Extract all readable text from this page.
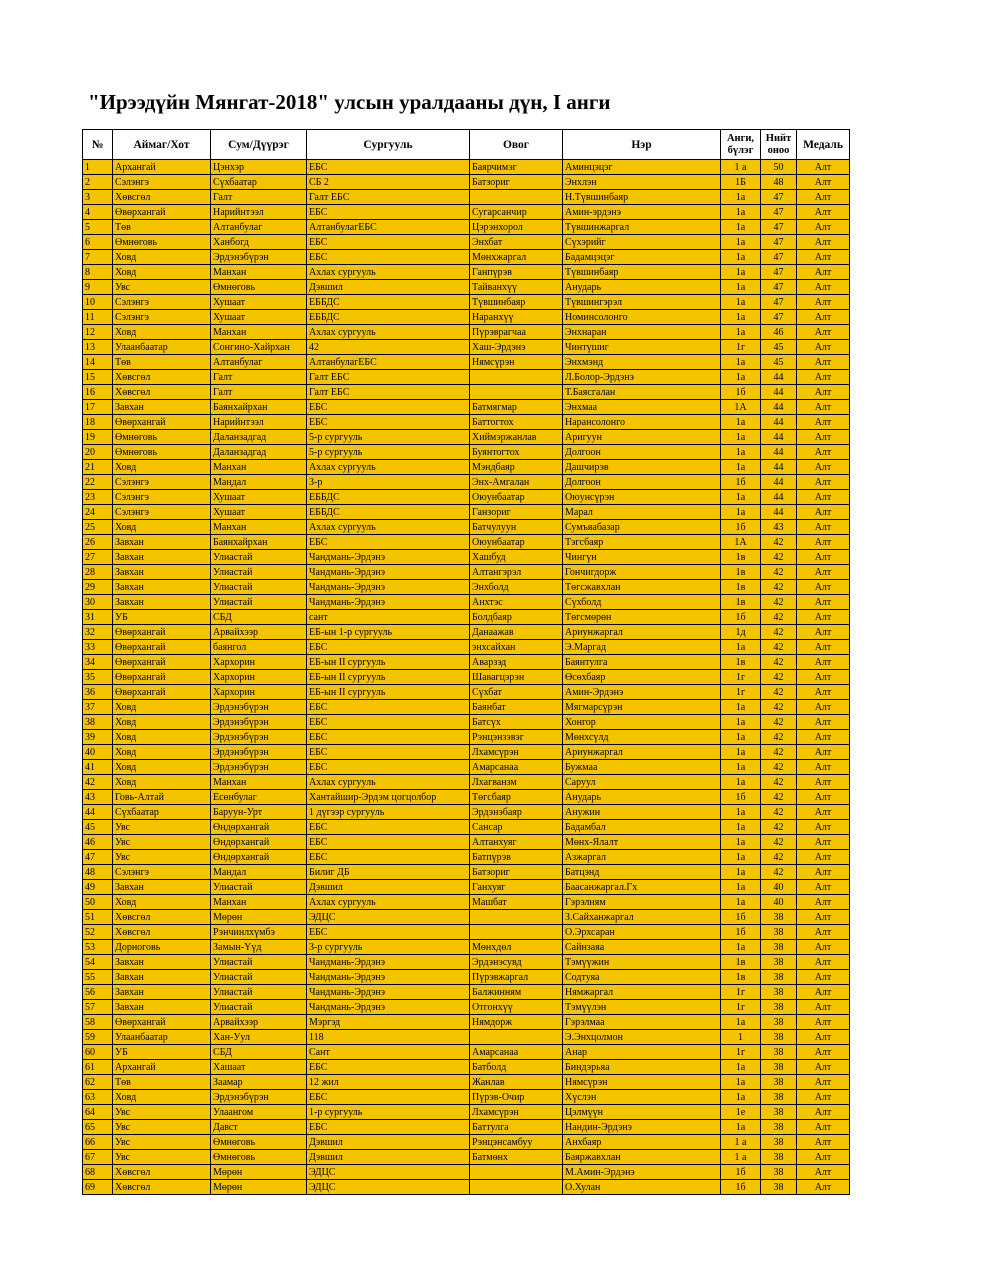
"Ирээдүйн Мянгат-2018" улсын уралдааны дүн, I анги
№	Аймаг/Хот	Сум/Дүүрэг	Сургууль	Овог	Нэр	Анги, бүлэг	Нийт оноо	Медаль
1	Архангай	Цэнхэр	ЕБС	Баярчимэг	Аминцэцэг	1 а	50	Алт
2	Сэлэнгэ	Сүхбаатар	СБ 2	Батзориг	Энхлэн	1Б	48	Алт
3	Хөвсгөл	Галт	Галт ЕБС		Н.Түвшинбаяр	1а	47	Алт
4	Өвөрхангай	Нарийнтээл	ЕБС	Сугарсанчир	Амин-эрдэнэ	1а	47	Алт
5	Төв	Алтанбулаг	АлтанбулагЕБС	Цэрэнхорол	Түвшинжаргал	1а	47	Алт
6	Өмнөговь	Ханбогд	ЕБС	Энхбат	Сүхэрийг	1а	47	Алт
7	Ховд	Эрдэнэбүрэн	ЕБС	Мөнхжаргал	Бадамцэцэг	1а	47	Алт
8	Ховд	Манхан	Ахлах сургууль	Ганпүрэв	Түвшинбаяр	1а	47	Алт
9	Увс	Өмнөговь	Дэвшил	Тайванхүү	Анударь	1а	47	Алт
10	Сэлэнгэ	Хушаат	ЕББДС	Түвшинбаяр	Түвшингэрэл	1а	47	Алт
11	Сэлэнгэ	Хушаат	ЕББДС	Наранхүү	Номинсолонго	1а	47	Алт
12	Ховд	Манхан	Ахлах сургууль	Пүрэврагчаа	Энхнаран	1а	46	Алт
13	Улаанбаатар	Сонгино-Хайрхан	42	Хаш-Эрдэнэ	Чинтүшиг	1г	45	Алт
14	Төв	Алтанбулаг	АлтанбулагЕБС	Нямсүрэн	Энхмэнд	1а	45	Алт
15	Хөвсгөл	Галт	Галт ЕБС		Л.Болор-Эрдэнэ	1а	44	Алт
16	Хөвсгөл	Галт	Галт ЕБС		Т.Баясгалан	1б	44	Алт
17	Завхан	Баянхайрхан	ЕБС	Батмягмар	Энхмаа	1А	44	Алт
18	Өвөрхангай	Нарийнтээл	ЕБС	Баттогтох	Нарансолонго	1а	44	Алт
19	Өмнөговь	Даланзадгад	5-р сургууль	Хиймэржанлав	Аригуун	1а	44	Алт
20	Өмнөговь	Даланзадгад	5-р сургууль	Буянтогтох	Долгоон	1а	44	Алт
21	Ховд	Манхан	Ахлах сургууль	Мэндбаяр	Дашчирэв	1а	44	Алт
22	Сэлэнгэ	Мандал	3-р	Энх-Амгалан	Долгоон	1б	44	Алт
23	Сэлэнгэ	Хушаат	ЕББДС	Оюунбаатар	Оюунсүрэн	1а	44	Алт
24	Сэлэнгэ	Хушаат	ЕББДС	Ганзориг	Марал	1а	44	Алт
25	Ховд	Манхан	Ахлах сургууль	Батчулуун	Сумъяабазар	1б	43	Алт
26	Завхан	Баянхайрхан	ЕБС	Оюунбаатар	Тэгсбаяр	1А	42	Алт
27	Завхан	Улиастай	Чандмань-Эрдэнэ	Хашбуд	Чингүн	1в	42	Алт
28	Завхан	Улиастай	Чандмань-Эрдэнэ	Алтангэрэл	Гончигдорж	1в	42	Алт
29	Завхан	Улиастай	Чандмань-Эрдэнэ	Энхболд	Төгсжавхлан	1в	42	Алт
30	Завхан	Улиастай	Чандмань-Эрдэнэ	Анхтэс	Сүхболд	1в	42	Алт
31	УБ	СБД	сант	Болдбаяр	Төгсмөрөн	1б	42	Алт
32	Өвөрхангай	Арвайхээр	ЕБ-ын 1-р сургууль	Данаажав	Ариунжаргал	1д	42	Алт
33	Өвөрхангай	баянгол	ЕБС	энхсайхан	Э.Маргад	1а	42	Алт
34	Өвөрхангай	Хархорин	ЕБ-ын II сургууль	Аварзэд	Баянтулга	1в	42	Алт
35	Өвөрхангай	Хархорин	ЕБ-ын II сургууль	Шавагцэрэн	Өсөхбаяр	1г	42	Алт
36	Өвөрхангай	Хархорин	ЕБ-ын II сургууль	Сүхбат	Амин-Эрдэнэ	1г	42	Алт
37	Ховд	Эрдэнэбүрэн	ЕБС	Баянбат	Мягмарсүрэн	1а	42	Алт
38	Ховд	Эрдэнэбүрэн	ЕБС	Батсүх	Хонгор	1а	42	Алт
39	Ховд	Эрдэнэбүрэн	ЕБС	Рэнцэнзэвэг	Мөнхсүлд	1а	42	Алт
40	Ховд	Эрдэнэбүрэн	ЕБС	Лхамсүрэн	Ариунжаргал	1а	42	Алт
41	Ховд	Эрдэнэбүрэн	ЕБС	Амарсанаа	Бужмаа	1а	42	Алт
42	Ховд	Манхан	Ахлах сургууль	Лхагванзм	Саруул	1а	42	Алт
43	Говь-Алтай	Есөнбулаг	Хантайшир-Эрдэм цогцолбор	Төгсбаяр	Анударь	1б	42	Алт
44	Сүхбаатар	Баруун-Урт	1 дүгээр сургууль	Эрдэнэбаяр	Анужин	1а	42	Алт
45	Увс	Өндөрхангай	ЕБС	Сансар	Бадамбал	1а	42	Алт
46	Увс	Өндөрхангай	ЕБС	Алтанхуяг	Мөнх-Ялалт	1а	42	Алт
47	Увс	Өндөрхангай	ЕБС	Батпүрэв	Азжаргал	1а	42	Алт
48	Сэлэнгэ	Мандал	Билиг ДБ	Батзориг	Батцэнд	1а	42	Алт
49	Завхан	Улиастай	Дэвшил	Ганхуяг	Баасанжаргал.Гх	1а	40	Алт
50	Ховд	Манхан	Ахлах сургууль	Машбат	Гэрэлням	1а	40	Алт
51	Хөвсгөл	Мөрөн	ЭДЦС		З.Сайханжаргал	1б	38	Алт
52	Хөвсгөл	Рэнчинлхүмбэ	ЕБС		О.Эрхсаран	1б	38	Алт
53	Дорноговь	Замын-Үүд	3-р сургууль	Мөнхдөл	Сайнзаяа	1а	38	Алт
54	Завхан	Улиастай	Чандмань-Эрдэнэ	Эрдэнэсувд	Тэмүүжин	1в	38	Алт
55	Завхан	Улиастай	Чандмань-Эрдэнэ	Пүрэвжаргал	Содтуяа	1в	38	Алт
56	Завхан	Улиастай	Чандмань-Эрдэнэ	Балжинням	Нямжаргал	1г	38	Алт
57	Завхан	Улиастай	Чандмань-Эрдэнэ	Отгонхүү	Тэмүүлэн	1г	38	Алт
58	Өвөрхангай	Арвайхээр	Мэргэд	Нямдорж	Гэрэлмаа	1а	38	Алт
59	Улаанбаатар	Хан-Уул	118		Э.Энхцолмон	1	38	Алт
60	УБ	СБД	Сант	Амарсанаа	Анар	1г	38	Алт
61	Архангай	Хашаат	ЕБС	Батболд	Биндэрьяа	1а	38	Алт
62	Төв	Заамар	12 жил	Жанлав	Нямсүрэн	1а	38	Алт
63	Ховд	Эрдэнэбүрэн	ЕБС	Пүрэв-Очир	Хүслэн	1а	38	Алт
64	Увс	Улаангом	1-р сургууль	Лхамсүрэн	Цэлмүүн	1е	38	Алт
65	Увс	Давст	ЕБС	Баттулга	Нандин-Эрдэнэ	1а	38	Алт
66	Увс	Өмнөговь	Дэвшил	Рэнцэнсамбуу	Анхбаяр	1 а	38	Алт
67	Увс	Өмнөговь	Дэвшил	Батмөнх	Баяржавхлан	1 а	38	Алт
68	Хөвсгөл	Мөрөн	ЭДЦС		М.Амин-Эрдэнэ	1б	38	Алт
69	Хөвсгөл	Мөрөн	ЭДЦС		О.Хулан	1б	38	Алт
